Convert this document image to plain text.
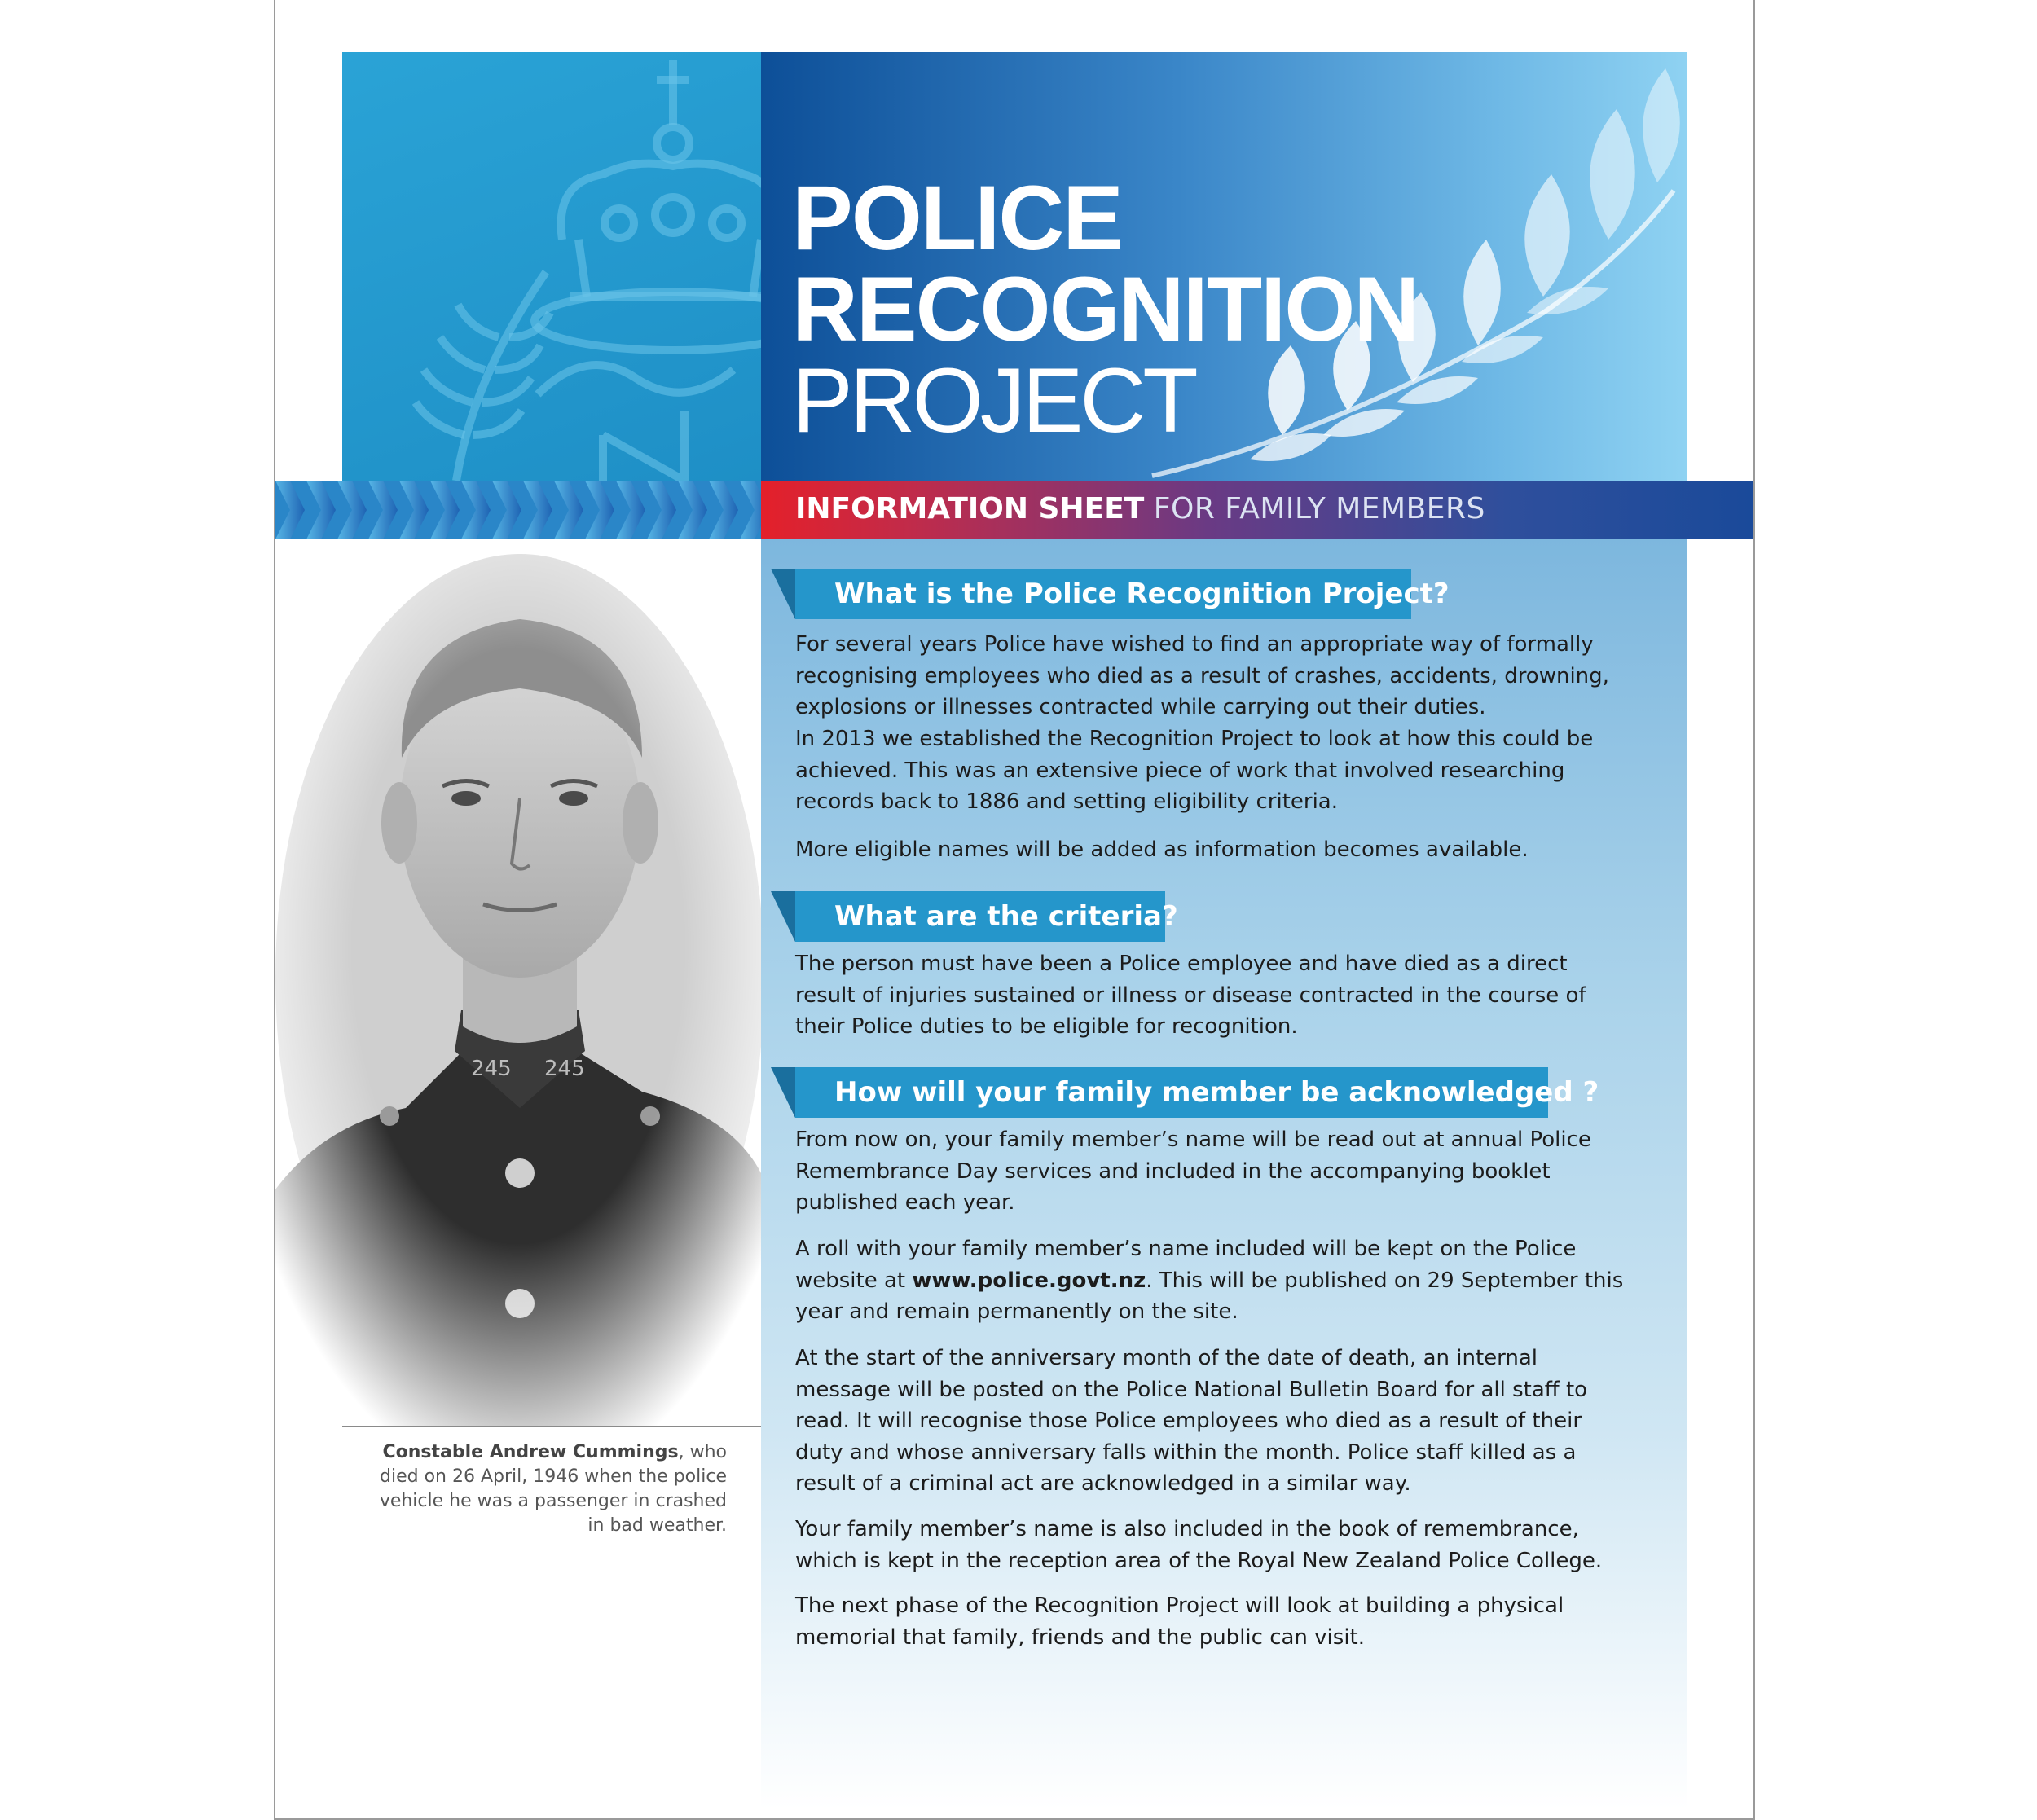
POLICE
RECOGNITION
PROJECT
INFORMATION SHEET FOR FAMILY MEMBERS
What is the Police Recognition Project?
For several years Police have wished to find an appropriate way of formally recognising employees who died as a result of crashes, accidents, drowning, explosions or illnesses contracted while carrying out their duties.
In 2013 we established the Recognition Project to look at how this could be achieved. This was an extensive piece of work that involved researching records back to 1886 and setting eligibility criteria.
More eligible names will be added as information becomes available.
What are the criteria?
The person must have been a Police employee and have died as a direct result of injuries sustained or illness or disease contracted in the course of their Police duties to be eligible for recognition.
How will your family member be acknowledged ?
From now on, your family member’s name will be read out at annual Police Remembrance Day services and included in the accompanying booklet published each year.
A roll with your family member’s name included will be kept on the Police website at www.police.govt.nz. This will be published on 29 September this year and remain permanently on the site.
At the start of the anniversary month of the date of death, an internal message will be posted on the Police National Bulletin Board for all staff to read. It will recognise those Police employees who died as a result of their duty and whose anniversary falls within the month. Police staff killed as a result of a criminal act are acknowledged in a similar way.
Your family member’s name is also included in the book of remembrance, which is kept in the reception area of the Royal New Zealand Police College.
The next phase of the Recognition Project will look at building a physical memorial that family, friends and the public can visit.
Constable Andrew Cummings, who died on 26 April, 1946 when the police vehicle he was a passenger in crashed in bad weather.
